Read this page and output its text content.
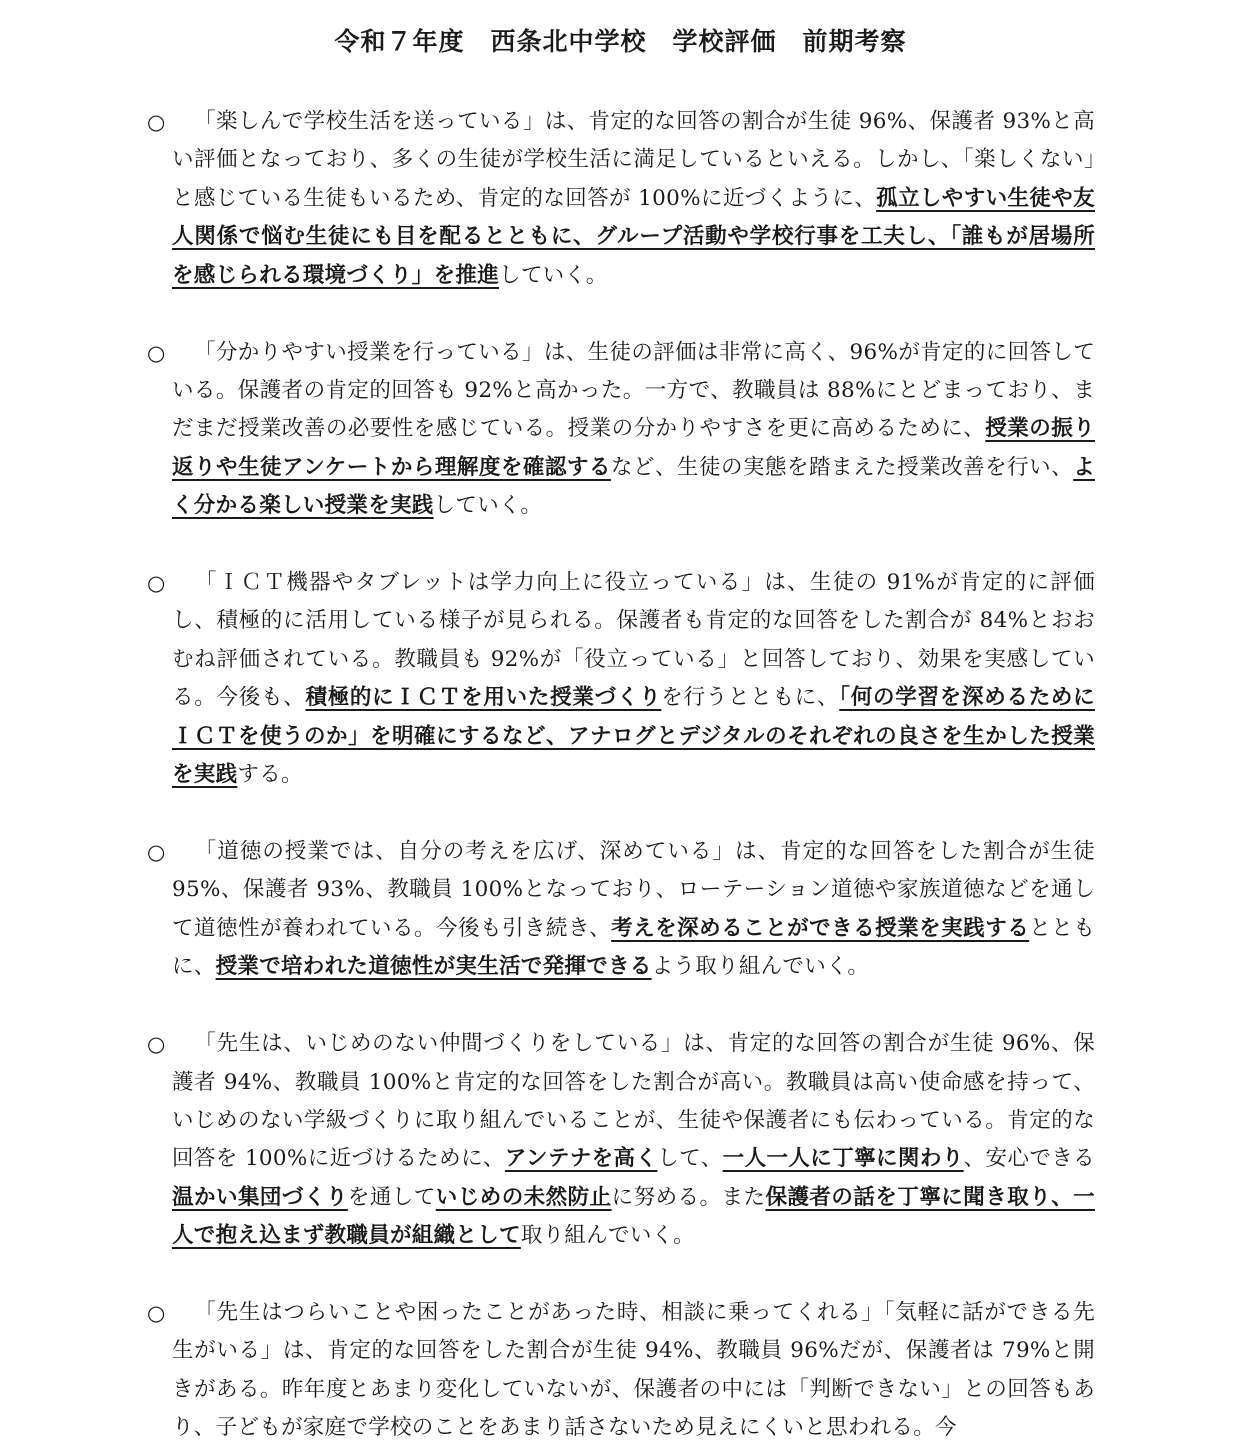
令和７年度　西条北中学校　学校評価　前期考察
○ 「楽しんで学校生活を送っている」は、肯定的な回答の割合が生徒 96%、保護者 93%と高い評価となっており、多くの生徒が学校生活に満足しているといえる。しかし、「楽しくない」と感じている生徒もいるため、肯定的な回答が 100%に近づくように、孤立しやすい生徒や友人関係で悩む生徒にも目を配るとともに、グループ活動や学校行事を工夫し、「誰もが居場所を感じられる環境づくり」を推進していく。
○ 「分かりやすい授業を行っている」は、生徒の評価は非常に高く、96%が肯定的に回答している。保護者の肯定的回答も 92%と高かった。一方で、教職員は 88%にとどまっており、まだまだ授業改善の必要性を感じている。授業の分かりやすさを更に高めるために、授業の振り返りや生徒アンケートから理解度を確認するなど、生徒の実態を踏まえた授業改善を行い、よく分かる楽しい授業を実践していく。
○ 「ＩＣＴ機器やタブレットは学力向上に役立っている」は、生徒の 91%が肯定的に評価し、積極的に活用している様子が見られる。保護者も肯定的な回答をした割合が 84%とおおむね評価されている。教職員も 92%が「役立っている」と回答しており、効果を実感している。今後も、積極的にＩＣＴを用いた授業づくりを行うとともに、「何の学習を深めるためにＩＣＴを使うのか」を明確にするなど、アナログとデジタルのそれぞれの良さを生かした授業を実践する。
○ 「道徳の授業では、自分の考えを広げ、深めている」は、肯定的な回答をした割合が生徒 95%、保護者 93%、教職員 100%となっており、ローテーション道徳や家族道徳などを通して道徳性が養われている。今後も引き続き、考えを深めることができる授業を実践するとともに、授業で培われた道徳性が実生活で発揮できるよう取り組んでいく。
○ 「先生は、いじめのない仲間づくりをしている」は、肯定的な回答の割合が生徒 96%、保護者 94%、教職員 100%と肯定的な回答をした割合が高い。教職員は高い使命感を持って、いじめのない学級づくりに取り組んでいることが、生徒や保護者にも伝わっている。肯定的な回答を 100%に近づけるために、アンテナを高くして、一人一人に丁寧に関わり、安心できる温かい集団づくりを通していじめの未然防止に努める。また保護者の話を丁寧に聞き取り、一人で抱え込まず教職員が組織として取り組んでいく。
○ 「先生はつらいことや困ったことがあった時、相談に乗ってくれる」「気軽に話ができる先生がいる」は、肯定的な回答をした割合が生徒 94%、教職員 96%だが、保護者は 79%と開きがある。昨年度とあまり変化していないが、保護者の中には「判断できない」との回答もあり、子どもが家庭で学校のことをあまり話さないため見えにくいと思われる。今
